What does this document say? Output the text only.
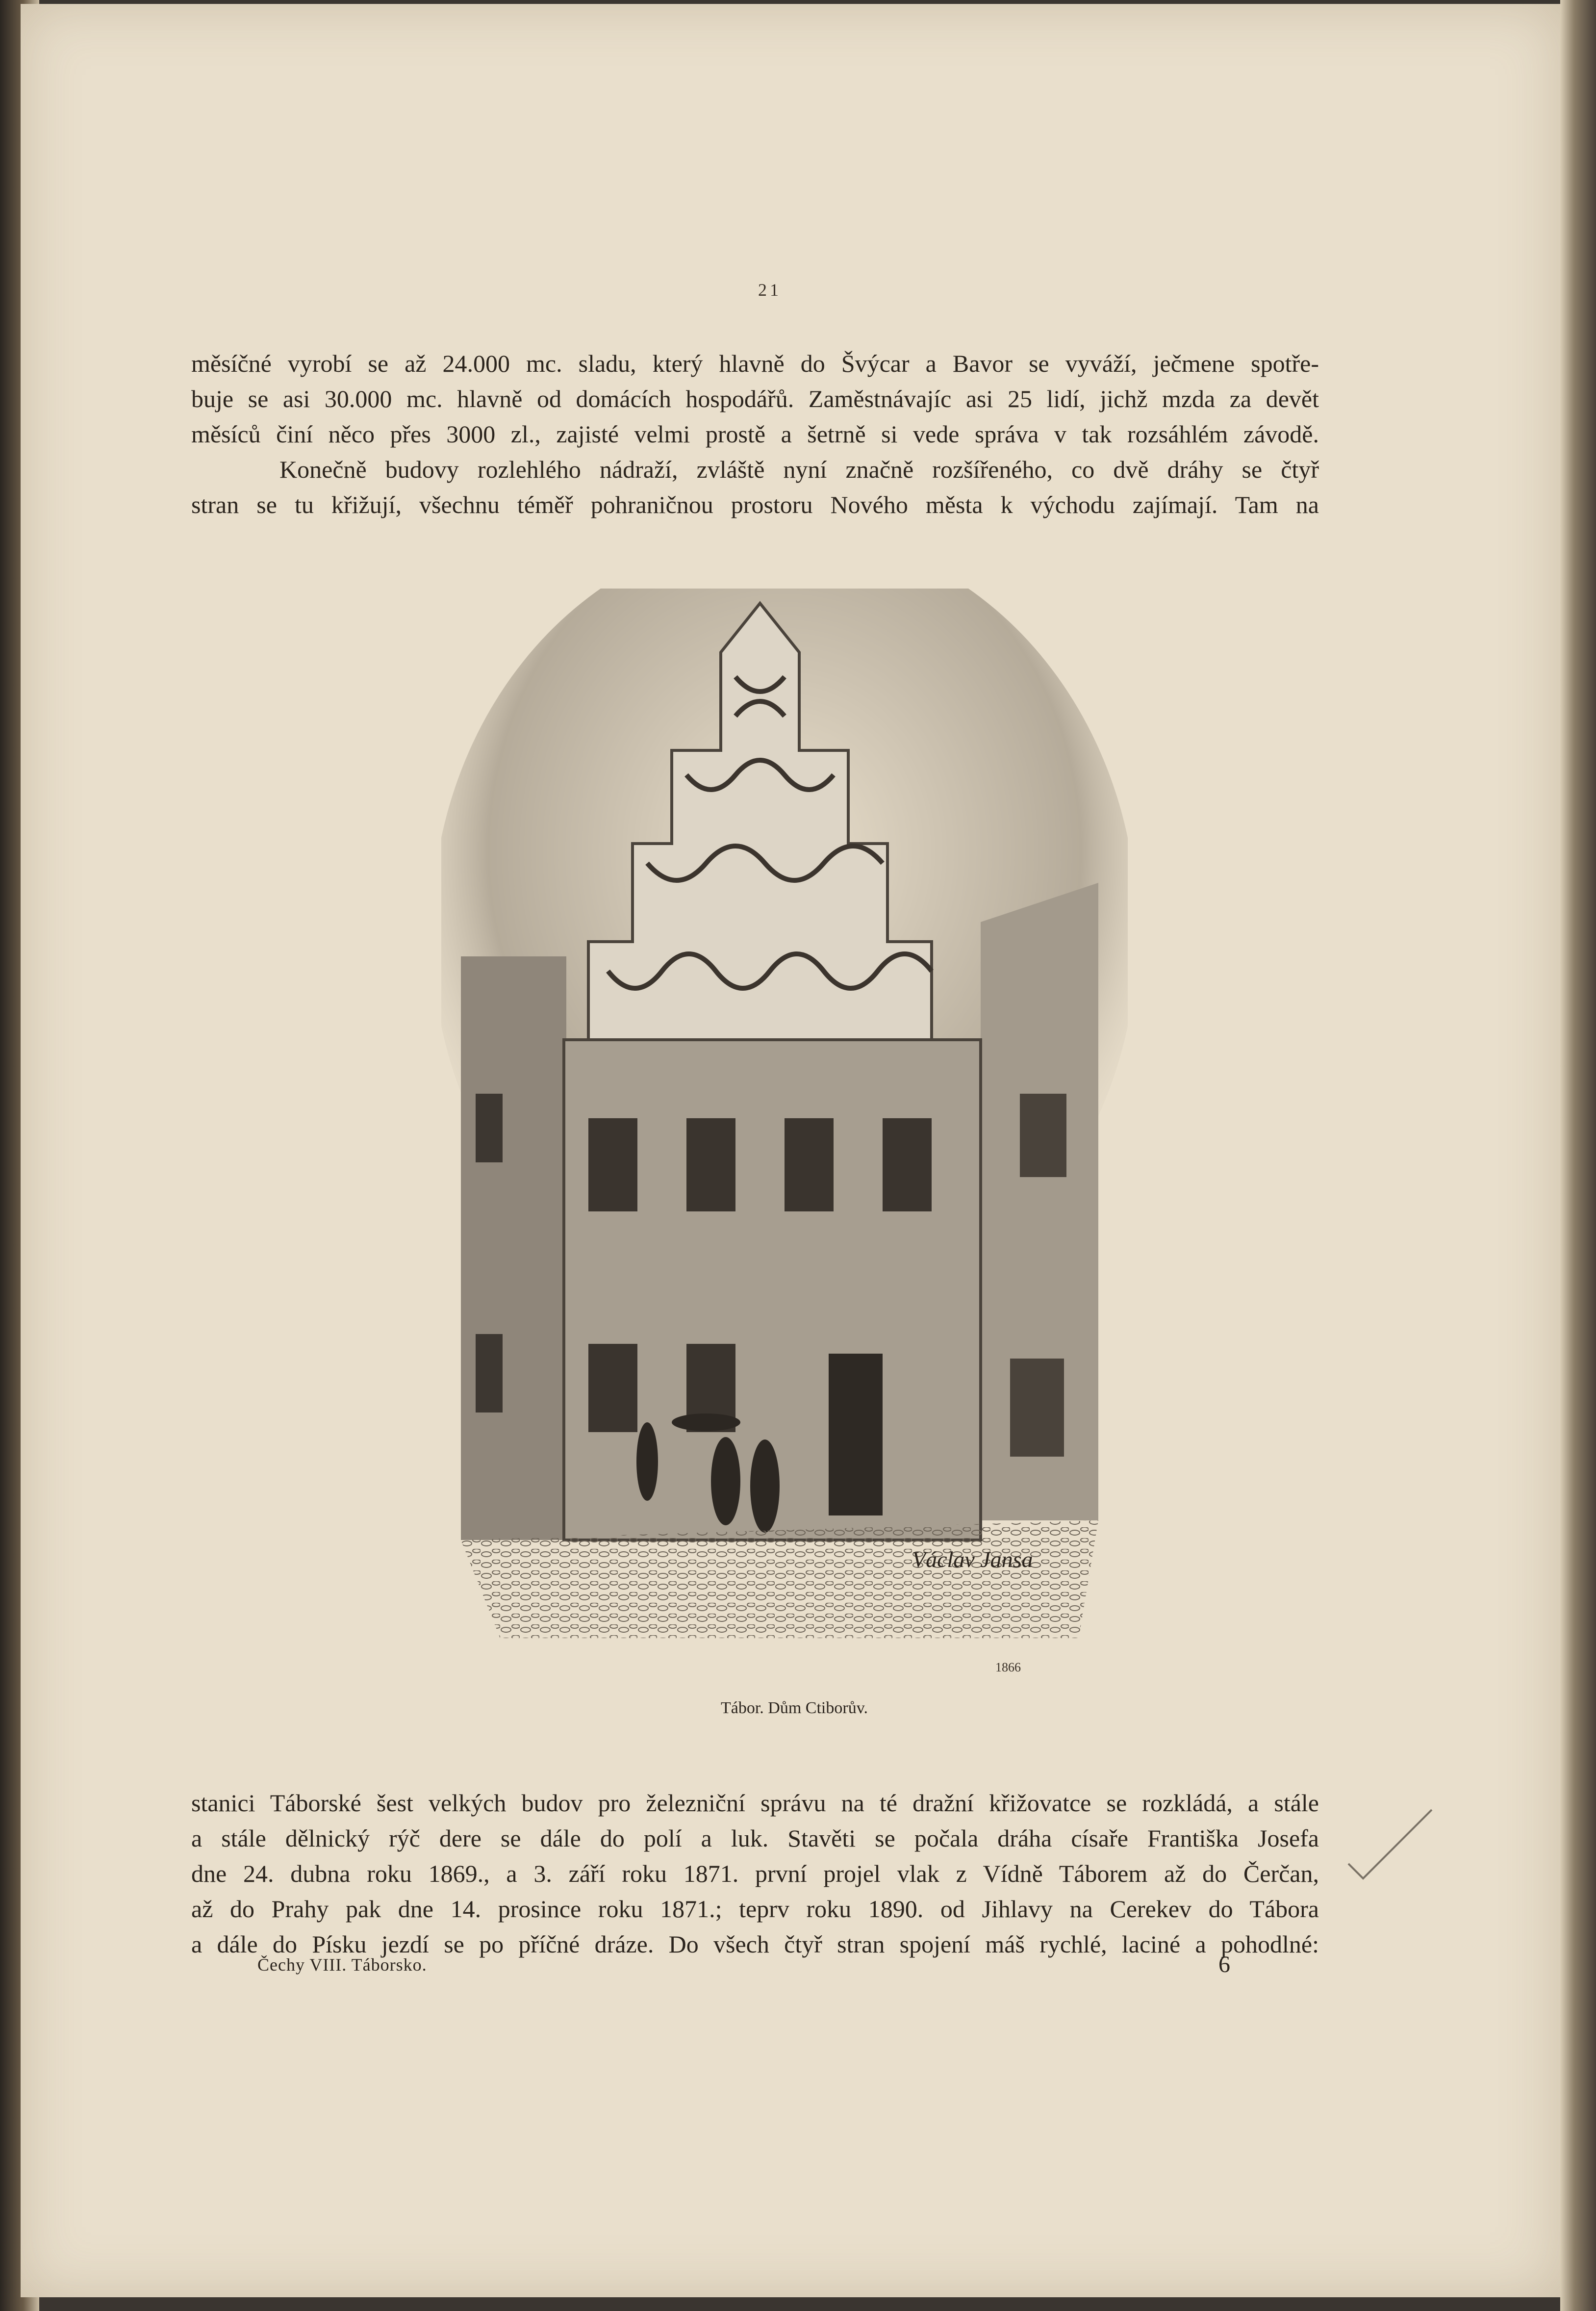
21
měsíčné vyrobí se až 24.000 mc. sladu, který hlavně do Švýcar a Bavor se vyváží, ječmene spotře-
buje se asi 30.000 mc. hlavně od domácích hospodářů. Zaměstnávajíc asi 25 lidí, jichž mzda za devět
měsíců činí něco přes 3000 zl., zajisté velmi prostě a šetrně si vede správa v tak rozsáhlém závodě.
Konečně budovy rozlehlého nádraží, zvláště nyní značně rozšířeného, co dvě dráhy se čtyř
stran se tu křižují, všechnu téměř pohraničnou prostoru Nového města k východu zajímají. Tam na
Václav Jansa
1866
Tábor. Dům Ctiborův.
stanici Táborské šest velkých budov pro železniční správu na té dražní křižovatce se rozkládá, a stále
a stále dělnický rýč dere se dále do polí a luk. Stavěti se počala dráha císaře Františka Josefa
dne 24. dubna roku 1869., a 3. září roku 1871. první projel vlak z Vídně Táborem až do Čerčan,
až do Prahy pak dne 14. prosince roku 1871.; teprv roku 1890. od Jihlavy na Cerekev do Tábora
a dále do Písku jezdí se po příčné dráze. Do všech čtyř stran spojení máš rychlé, laciné a pohodlné:
Čechy VIII. Táborsko.	6
